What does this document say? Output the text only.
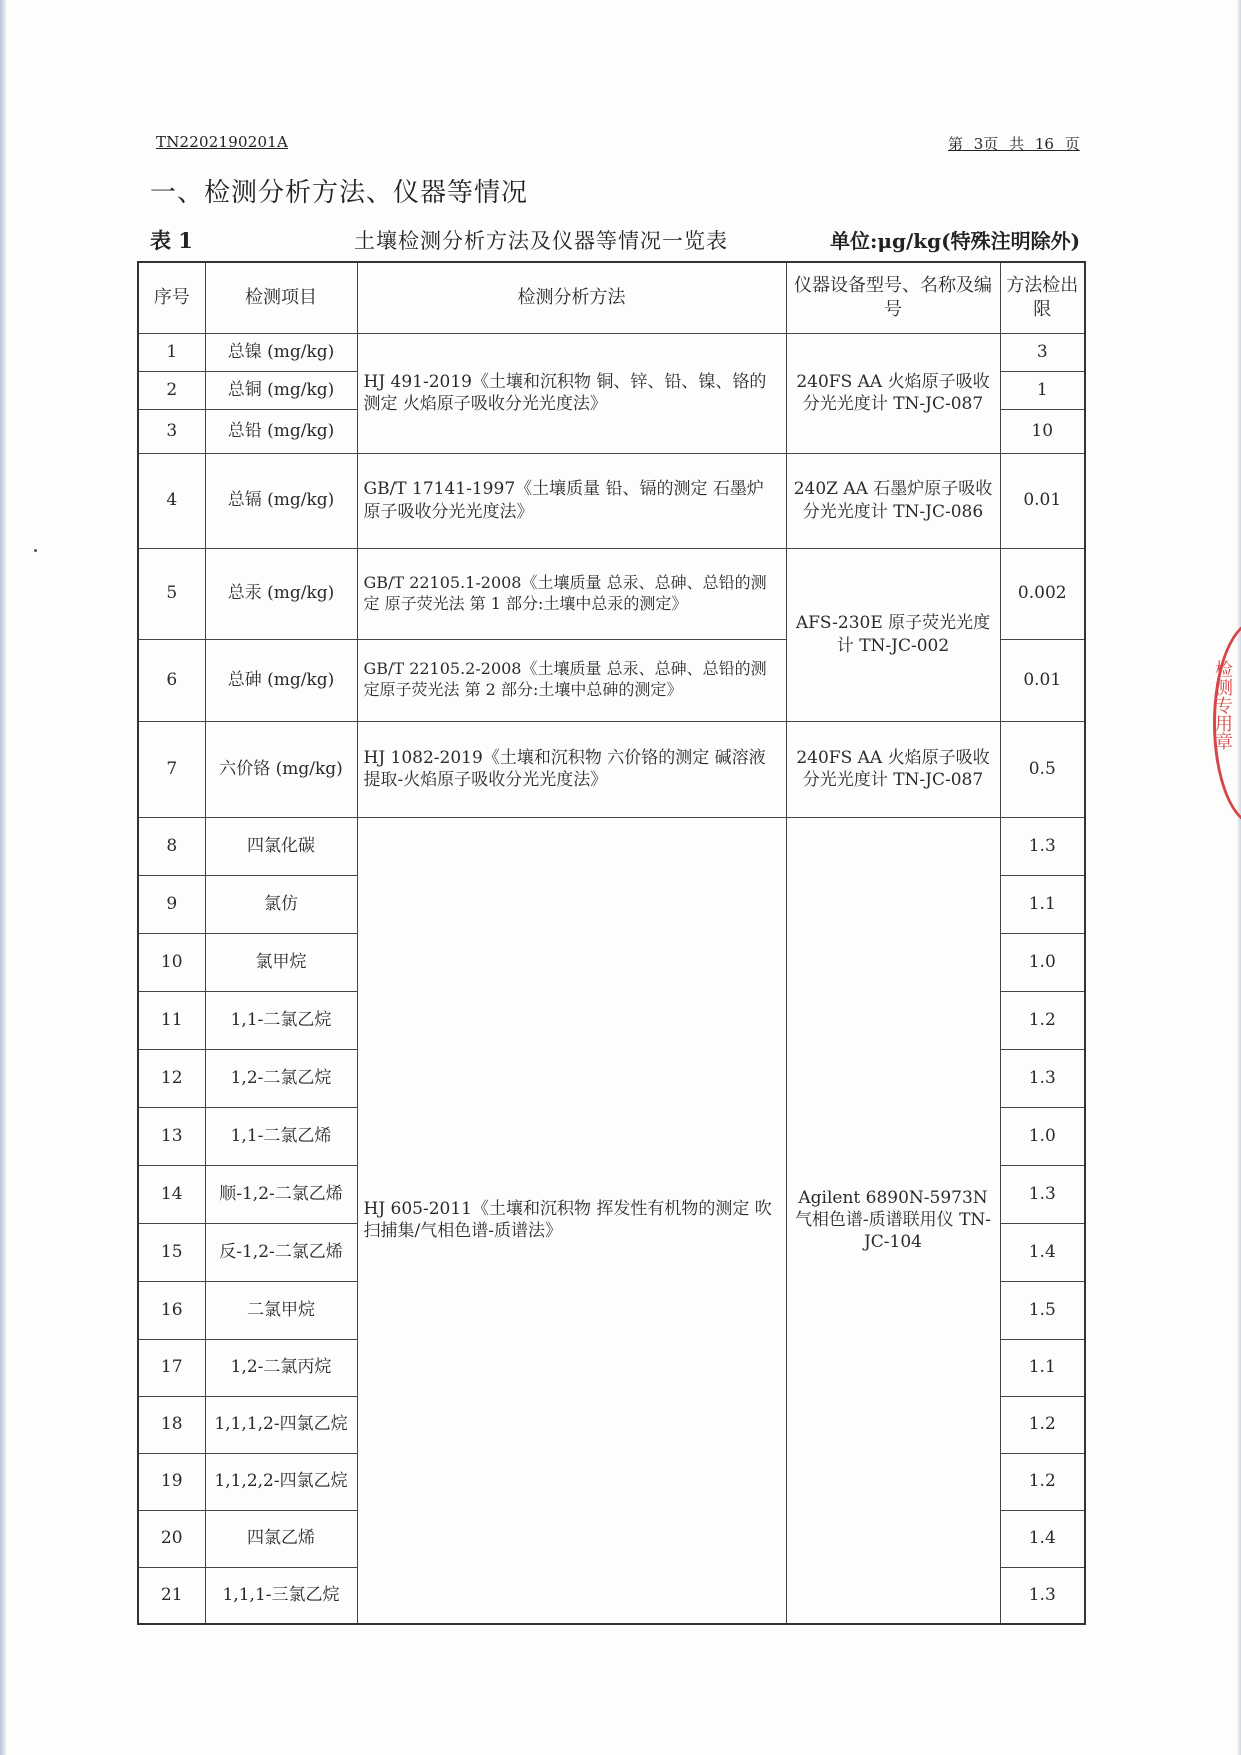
TN2202190201A	第 3页 共 16 页
一、检测分析方法、仪器等情况
表 1	土壤检测分析方法及仪器等情况一览表	单位:μg/kg(特殊注明除外)
序号	检测项目	检测分析方法	仪器设备型号、名称及编号	方法检出限
1	总镍 (mg/kg)	HJ 491-2019《土壤和沉积物 铜、锌、铅、镍、铬的测定 火焰原子吸收分光光度法》	240FS AA 火焰原子吸收分光光度计 TN-JC-087	3
2	总铜 (mg/kg)			1
3	总铅 (mg/kg)			10
4	总镉 (mg/kg)	GB/T 17141-1997《土壤质量 铅、镉的测定 石墨炉原子吸收分光光度法》	240Z AA 石墨炉原子吸收分光光度计 TN-JC-086	0.01
5	总汞 (mg/kg)	GB/T 22105.1-2008《土壤质量 总汞、总砷、总铅的测定 原子荧光法 第 1 部分:土壤中总汞的测定》	AFS-230E 原子荧光光度计 TN-JC-002	0.002
6	总砷 (mg/kg)	GB/T 22105.2-2008《土壤质量 总汞、总砷、总铅的测定原子荧光法 第 2 部分:土壤中总砷的测定》		0.01
7	六价铬 (mg/kg)	HJ 1082-2019《土壤和沉积物 六价铬的测定 碱溶液提取-火焰原子吸收分光光度法》	240FS AA 火焰原子吸收分光光度计 TN-JC-087	0.5
8	四氯化碳	HJ 605-2011《土壤和沉积物 挥发性有机物的测定 吹扫捕集/气相色谱-质谱法》	Agilent 6890N-5973N 气相色谱-质谱联用仪 TN-JC-104	1.3
9	氯仿			1.1
10	氯甲烷			1.0
11	1,1-二氯乙烷			1.2
12	1,2-二氯乙烷			1.3
13	1,1-二氯乙烯			1.0
14	顺-1,2-二氯乙烯			1.3
15	反-1,2-二氯乙烯			1.4
16	二氯甲烷			1.5
17	1,2-二氯丙烷			1.1
18	1,1,1,2-四氯乙烷			1.2
19	1,1,2,2-四氯乙烷			1.2
20	四氯乙烯			1.4
21	1,1,1-三氯乙烷			1.3
检测专用章
